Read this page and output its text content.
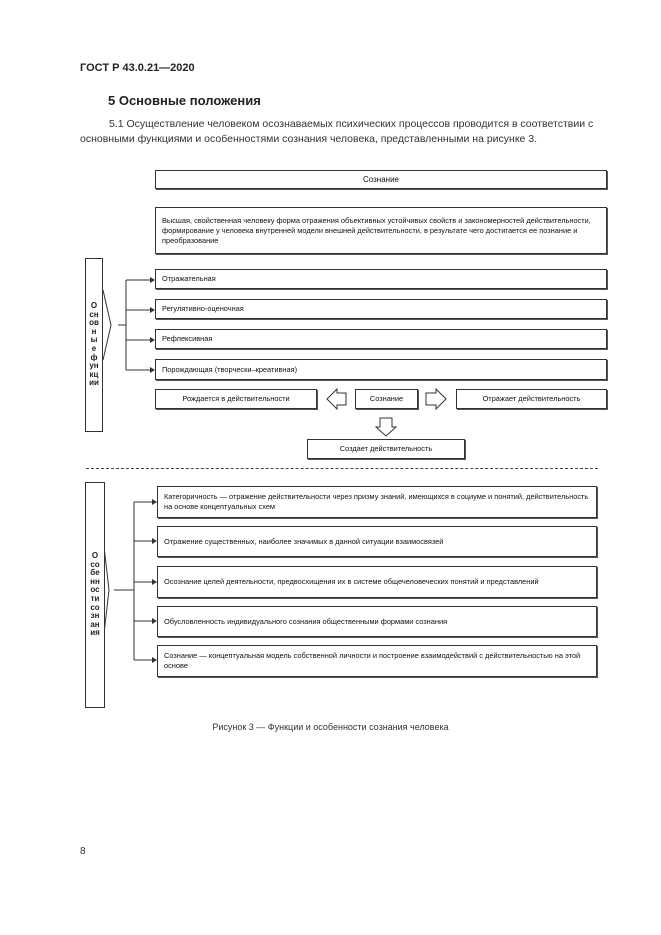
ГОСТ Р 43.0.21—2020
5 Основные положения
5.1 Осуществление человеком осознаваемых психических процессов проводится в соответствии с основными функциями и особенностями сознания человека, представленными на рисунке 3.
Сознание
Высшая, свойственная человеку форма отражения объективных устойчивых свойств и закономерностей действительности, формирование у человека внутренней модели внешней действительности, в результате чего достигается ее познание и преобразование
Основные функции
Отражательная
Регулятивно-оценочная
Рефлексивная
Порождающая (творчески–креативная)
Рождается в действительности	Сознание	Отражает действительность
Создает действительность
Особенности сознания
Категоричность — отражение действительности через призму знаний, имеющихся в социуме и понятий, действительность на основе концептуальных схем
Отражение существенных, наиболее значимых в данной ситуации взаимосвязей
Осознание целей деятельности, предвосхищения их в системе общечеловеческих понятий и представлений
Обусловленность индивидуального сознания общественными формами сознания
Сознание — концептуальная модель собственной личности и построение взаимодействий с действительностью на этой основе
Рисунок 3 — Функции и особенности сознания человека
8
